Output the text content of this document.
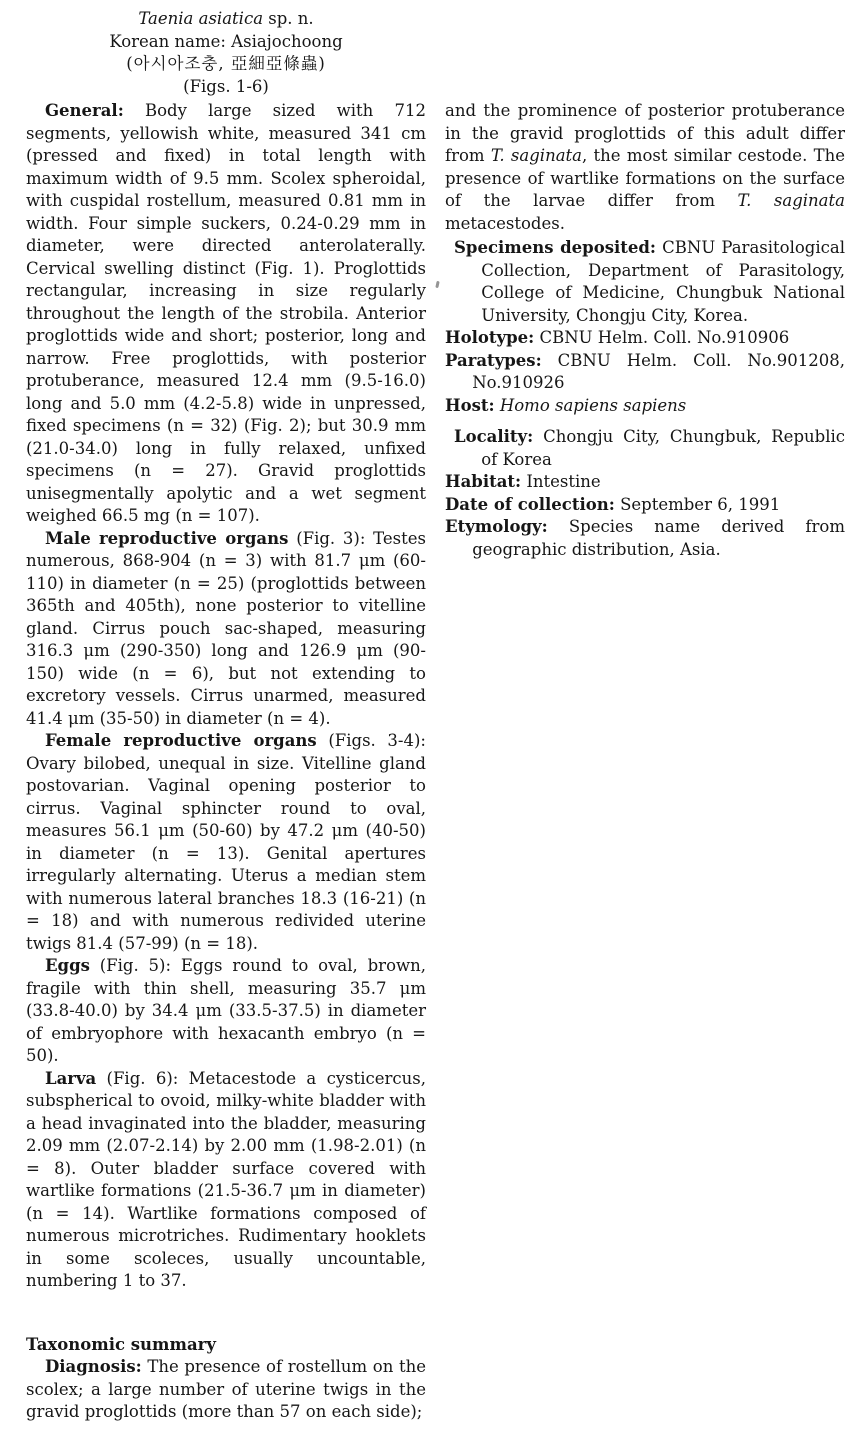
Taenia asiatica sp. n.
Korean name: Asiajochoong
(아시아조충, 亞細亞條蟲)
(Figs. 1-6)

General: Body large sized with 712 segments, yellowish white, measured 341 cm (pressed and fixed) in total length with maximum width of 9.5 mm. Scolex spheroidal, with cuspidal rostellum, measured 0.81 mm in width. Four simple suckers, 0.24-0.29 mm in diameter, were directed anterolaterally. Cervical swelling distinct (Fig. 1). Proglottids rectangular, increasing in size regularly throughout the length of the strobila. Anterior proglottids wide and short; posterior, long and narrow. Free proglottids, with posterior protuberance, measured 12.4 mm (9.5-16.0) long and 5.0 mm (4.2-5.8) wide in unpressed, fixed specimens (n = 32) (Fig. 2); but 30.9 mm (21.0-34.0) long in fully relaxed, unfixed specimens (n = 27). Gravid proglottids unisegmentally apolytic and a wet segment weighed 66.5 mg (n = 107).

Male reproductive organs (Fig. 3): Testes numerous, 868-904 (n = 3) with 81.7 μm (60-110) in diameter (n = 25) (proglottids between 365th and 405th), none posterior to vitelline gland. Cirrus pouch sac-shaped, measuring 316.3 μm (290-350) long and 126.9 μm (90-150) wide (n = 6), but not extending to excretory vessels. Cirrus unarmed, measured 41.4 μm (35-50) in diameter (n = 4).

Female reproductive organs (Figs. 3-4): Ovary bilobed, unequal in size. Vitelline gland postovarian. Vaginal opening posterior to cirrus. Vaginal sphincter round to oval, measures 56.1 μm (50-60) by 47.2 μm (40-50) in diameter (n = 13). Genital apertures irregularly alternating. Uterus a median stem with numerous lateral branches 18.3 (16-21) (n = 18) and with numerous redivided uterine twigs 81.4 (57-99) (n = 18).

Eggs (Fig. 5): Eggs round to oval, brown, fragile with thin shell, measuring 35.7 μm (33.8-40.0) by 34.4 μm (33.5-37.5) in diameter of embryophore with hexacanth embryo (n = 50).

Larva (Fig. 6): Metacestode a cysticercus, subspherical to ovoid, milky-white bladder with a head invaginated into the bladder, measuring 2.09 mm (2.07-2.14) by 2.00 mm (1.98-2.01) (n = 8). Outer bladder surface covered with wartlike formations (21.5-36.7 μm in diameter) (n = 14). Wartlike formations composed of numerous microtriches. Rudimentary hooklets in some scoleces, usually uncountable, numbering 1 to 37.

Taxonomic summary

Diagnosis: The presence of rostellum on the scolex; a large number of uterine twigs in the gravid proglottids (more than 57 on each side);

and the prominence of posterior protuberance in the gravid proglottids of this adult differ from T. saginata, the most similar cestode. The presence of wartlike formations on the surface of the larvae differ from T. saginata metacestodes.

Specimens deposited: CBNU Parasitological Collection, Department of Parasitology, College of Medicine, Chungbuk National University, Chongju City, Korea.
Holotype: CBNU Helm. Coll. No.910906
Paratypes: CBNU Helm. Coll. No.901208, No.910926
Host: Homo sapiens sapiens
Locality: Chongju City, Chungbuk, Republic of Korea
Habitat: Intestine
Date of collection: September 6, 1991
Etymology: Species name derived from geographic distribution, Asia.
